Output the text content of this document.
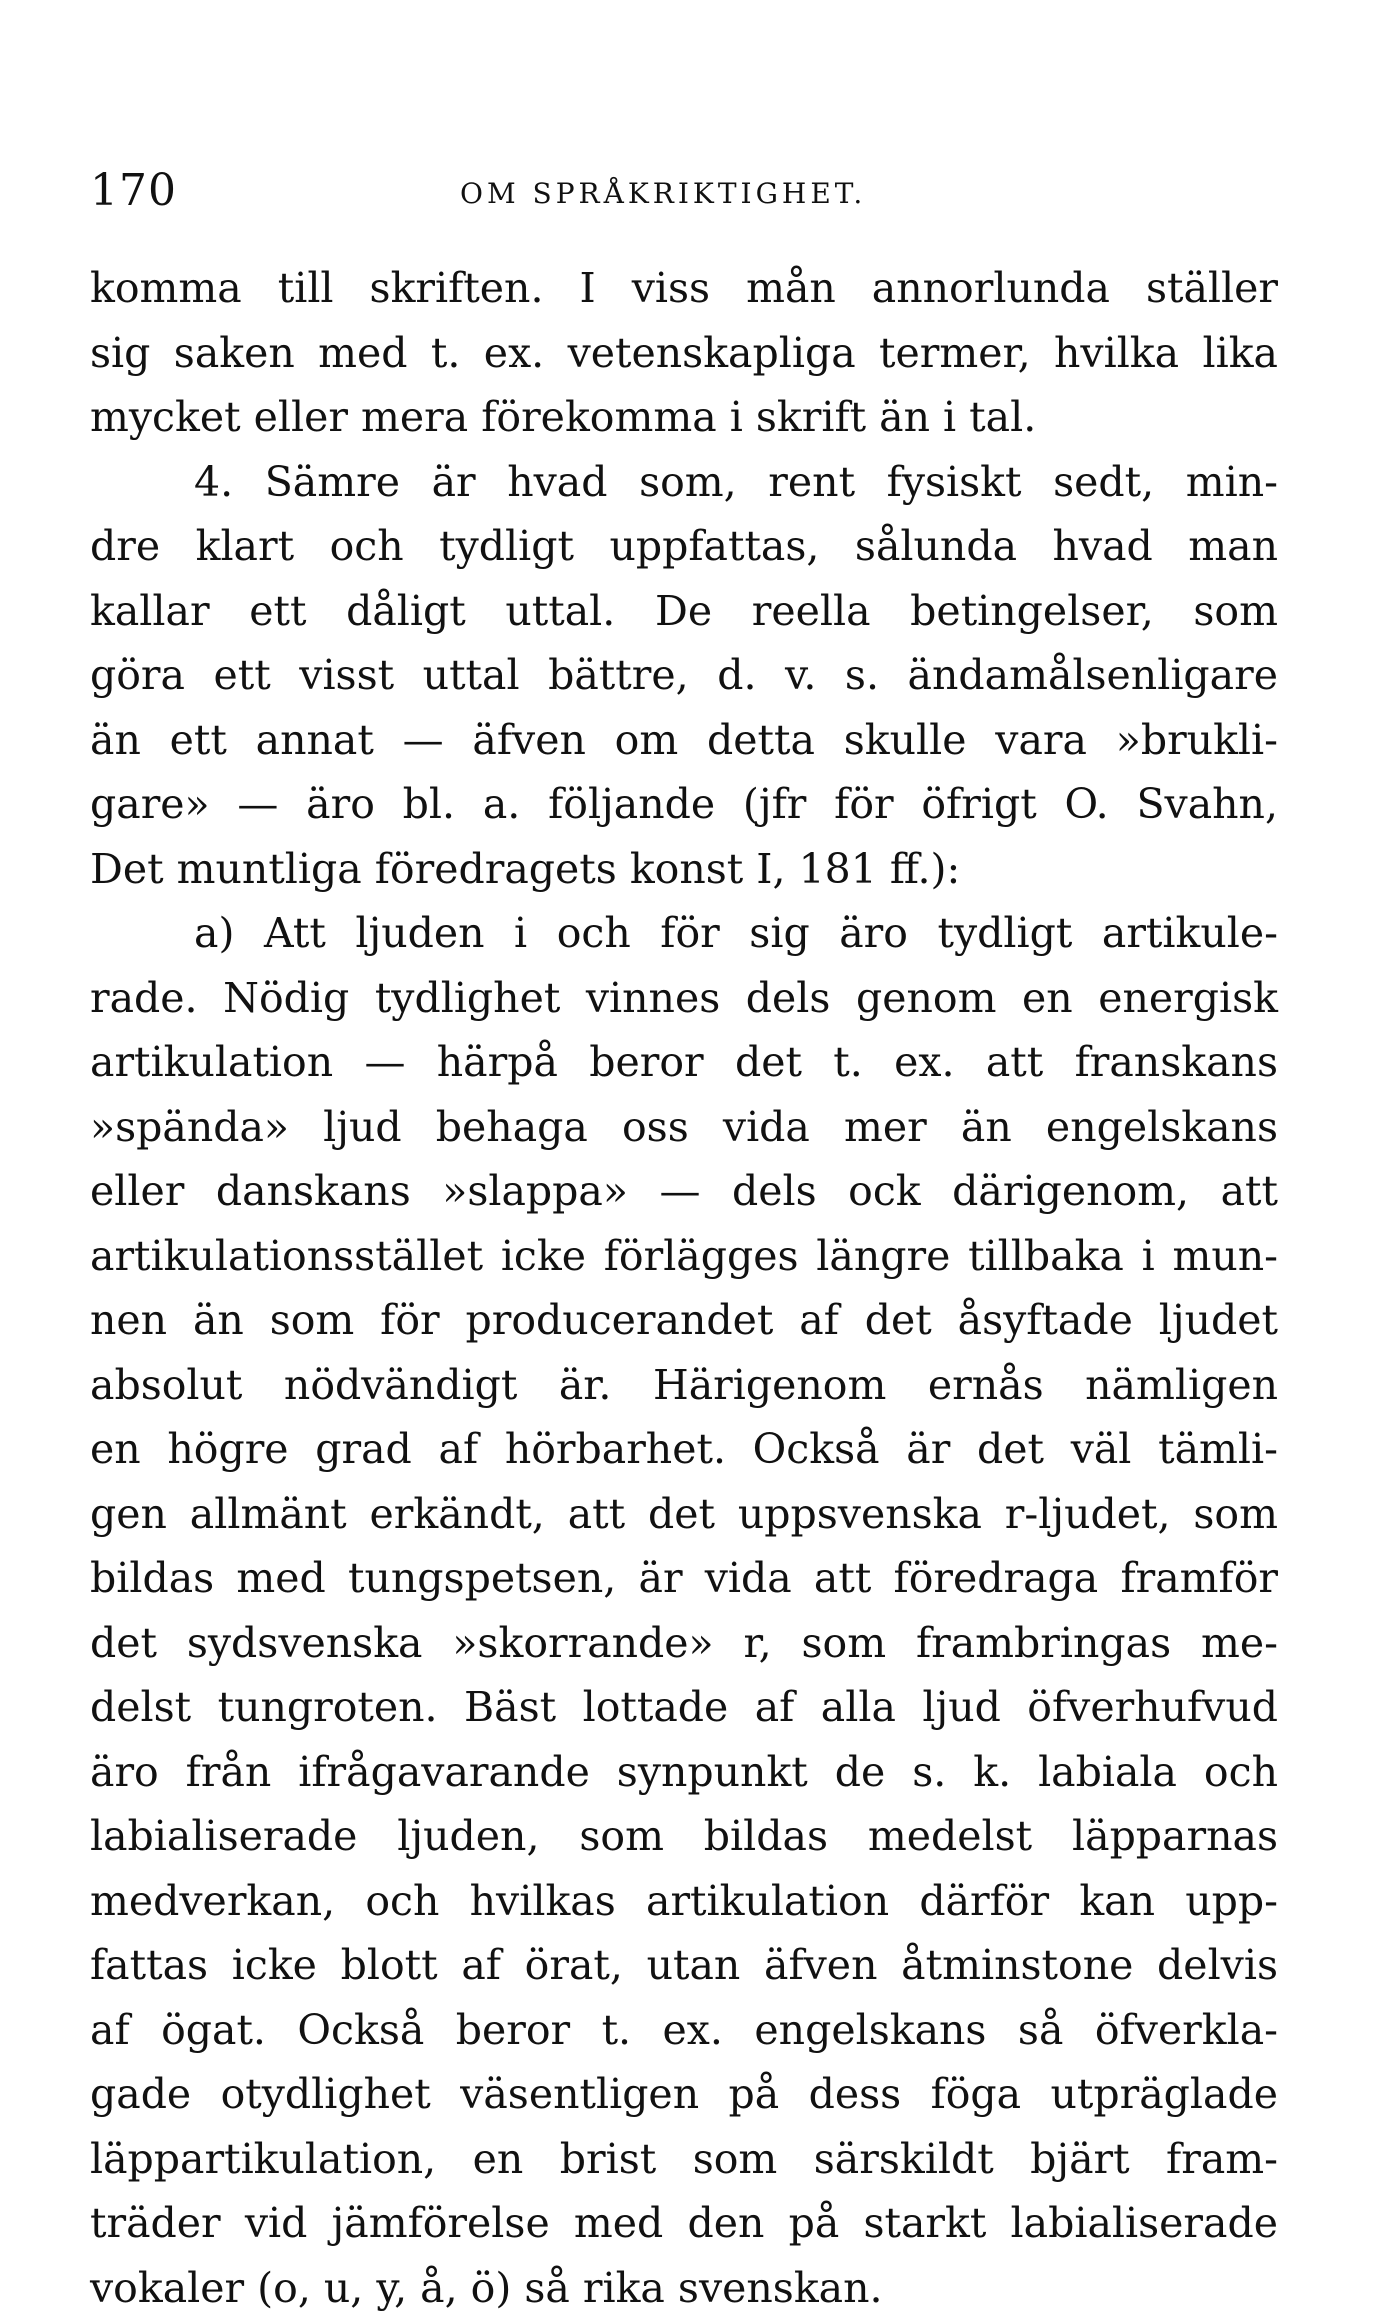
170	OM SPRÅKRIKTIGHET.
komma till skriften. I viss mån annorlunda ställer
sig saken med t. ex. vetenskapliga termer, hvilka lika
mycket eller mera förekomma i skrift än i tal.
4. Sämre är hvad som, rent fysiskt sedt, min-
dre klart och tydligt uppfattas, sålunda hvad man
kallar ett dåligt uttal. De reella betingelser, som
göra ett visst uttal bättre, d. v. s. ändamålsenligare
än ett annat — äfven om detta skulle vara »brukli-
gare» — äro bl. a. följande (jfr för öfrigt O. Svahn,
Det muntliga föredragets konst I, 181 ff.):
a) Att ljuden i och för sig äro tydligt artikule-
rade. Nödig tydlighet vinnes dels genom en energisk
artikulation — härpå beror det t. ex. att franskans
»spända» ljud behaga oss vida mer än engelskans
eller danskans »slappa» — dels ock därigenom, att
artikulationsstället icke förlägges längre tillbaka i mun-
nen än som för producerandet af det åsyftade ljudet
absolut nödvändigt är. Härigenom ernås nämligen
en högre grad af hörbarhet. Också är det väl tämli-
gen allmänt erkändt, att det uppsvenska r-ljudet, som
bildas med tungspetsen, är vida att föredraga framför
det sydsvenska »skorrande» r, som frambringas me-
delst tungroten. Bäst lottade af alla ljud öfverhufvud
äro från ifrågavarande synpunkt de s. k. labiala och
labialiserade ljuden, som bildas medelst läpparnas
medverkan, och hvilkas artikulation därför kan upp-
fattas icke blott af örat, utan äfven åtminstone delvis
af ögat. Också beror t. ex. engelskans så öfverkla-
gade otydlighet väsentligen på dess föga utpräglade
läppartikulation, en brist som särskildt bjärt fram-
träder vid jämförelse med den på starkt labialiserade
vokaler (o, u, y, å, ö) så rika svenskan.
